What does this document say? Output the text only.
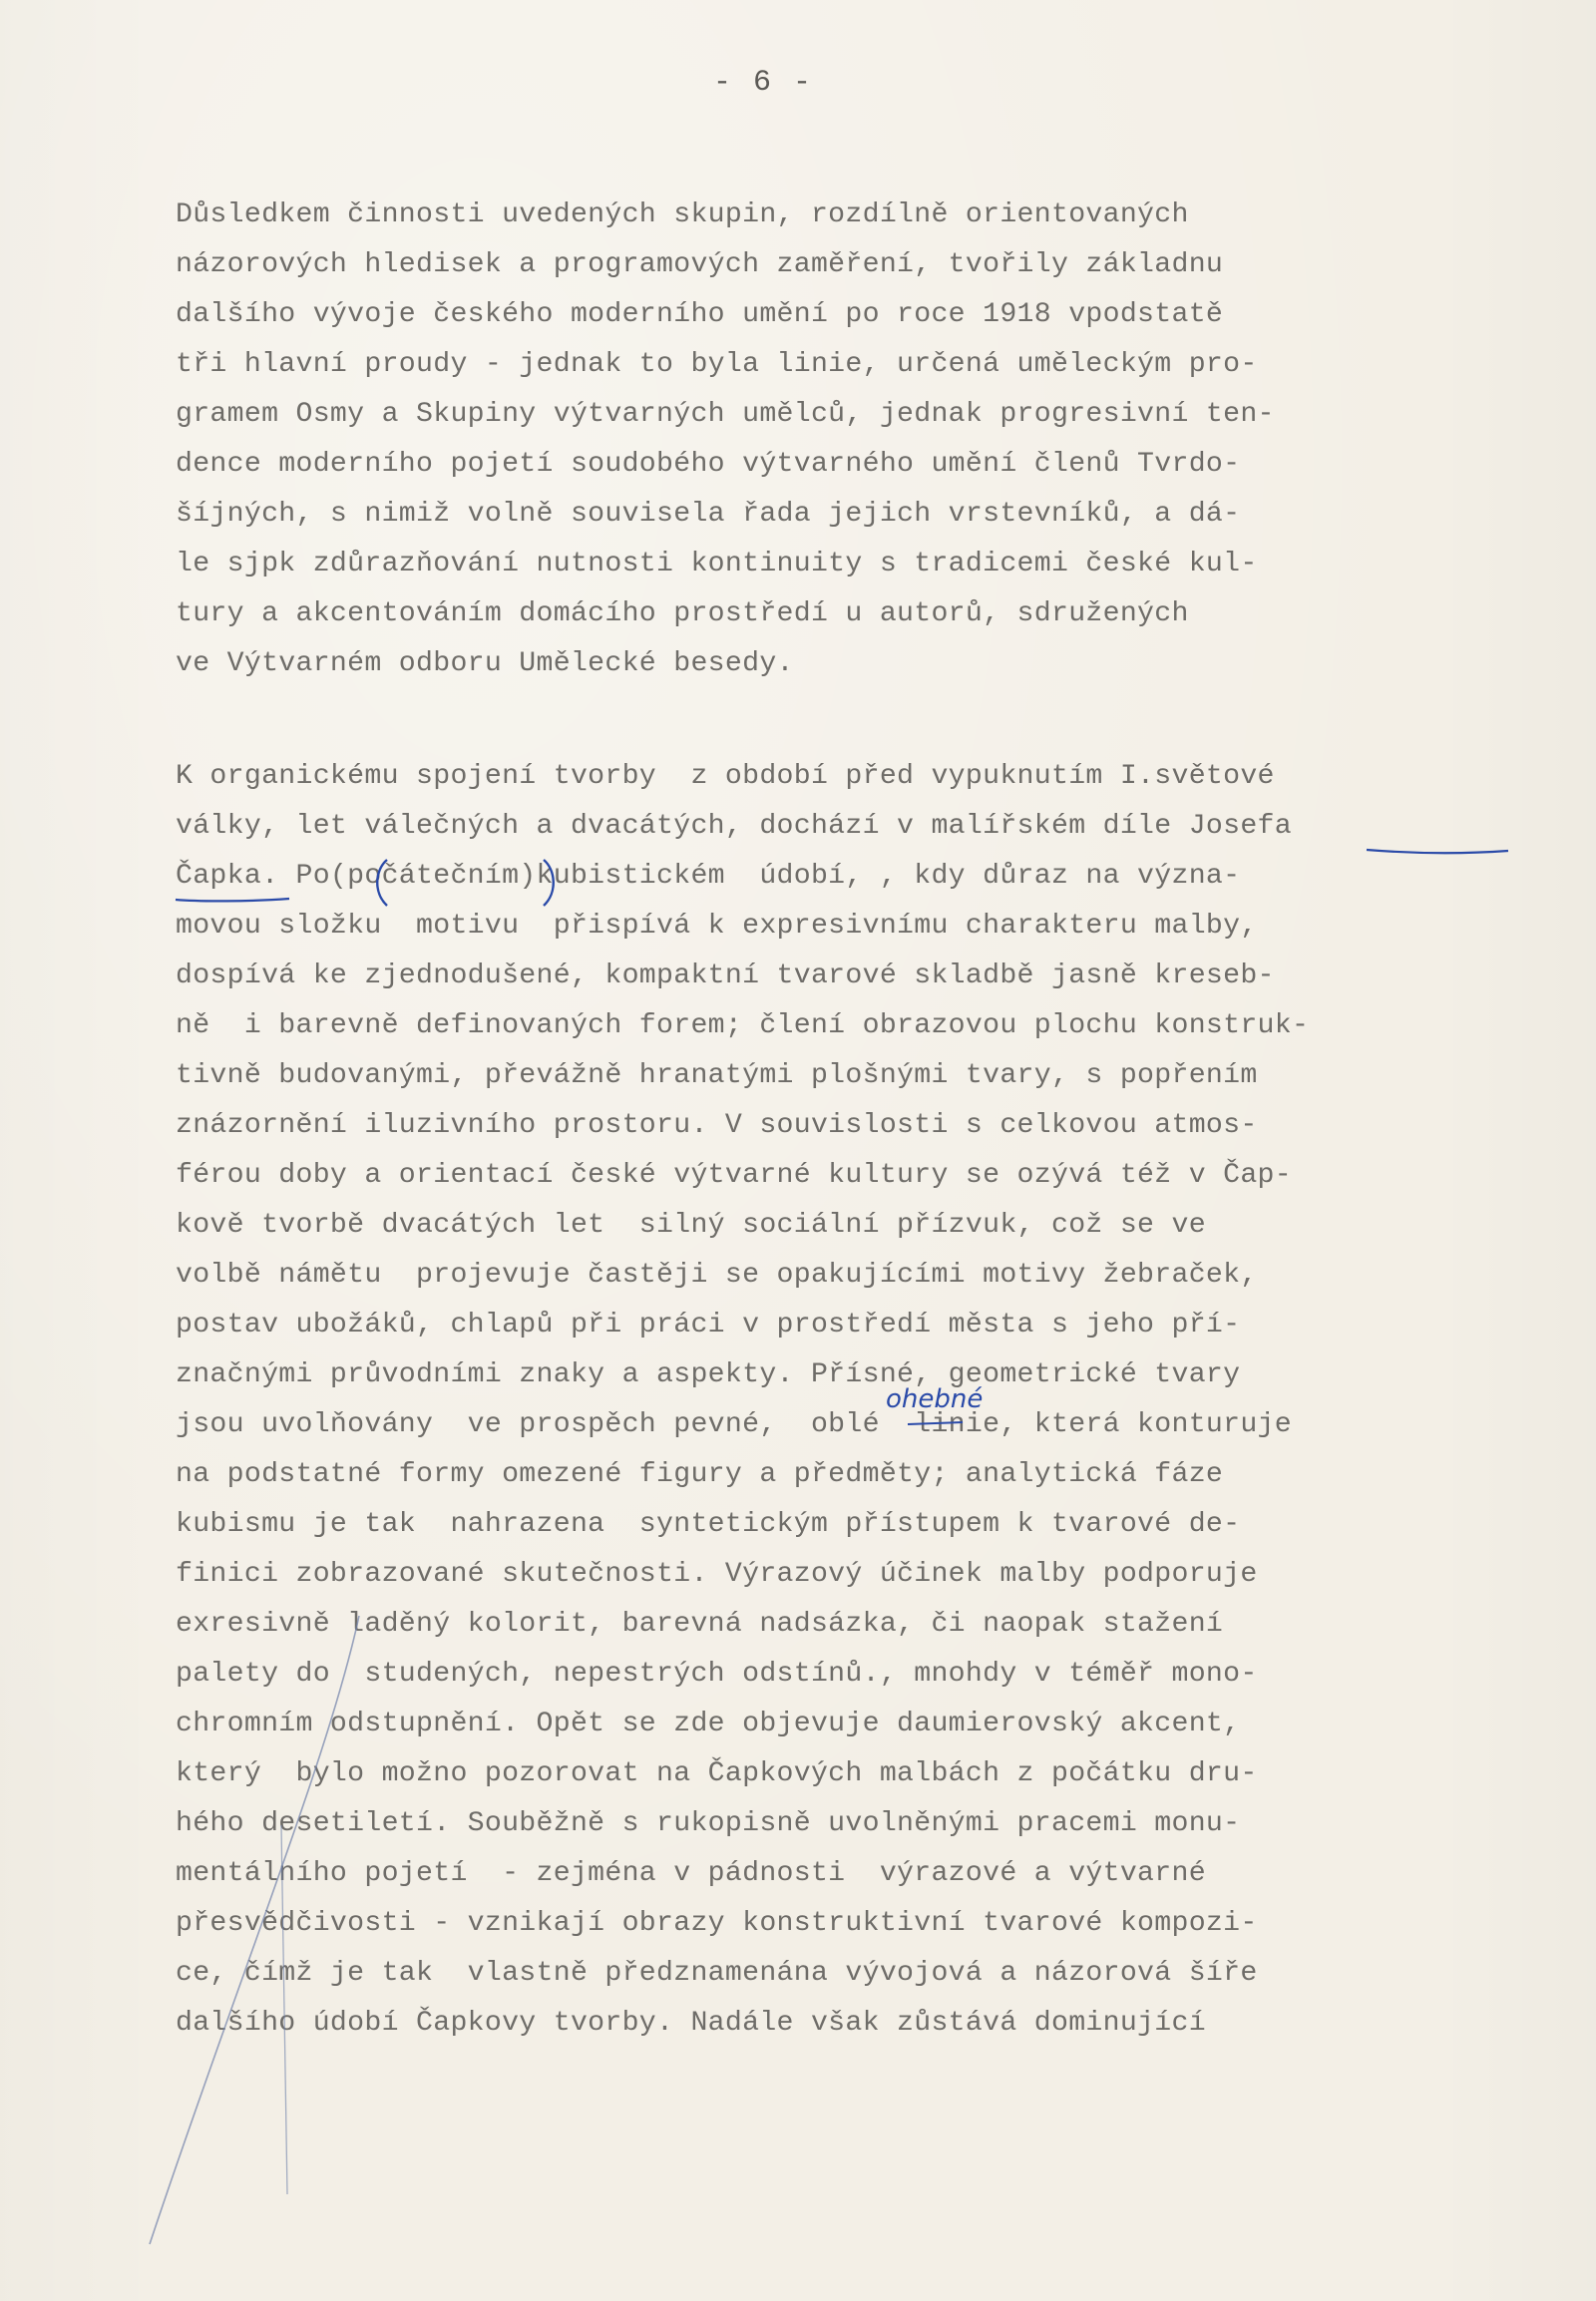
- 6 -
Důsledkem činnosti uvedených skupin, rozdílně orientovaných
názorových hledisek a programových zaměření, tvořily základnu
dalšího vývoje českého moderního umění po roce 1918 vpodstatě
tři hlavní proudy - jednak to byla linie, určená uměleckým pro-
gramem Osmy a Skupiny výtvarných umělců, jednak progresivní ten-
dence moderního pojetí soudobého výtvarného umění členů Tvrdo-
šíjných, s nimiž volně souvisela řada jejich vrstevníků, a dá-
le sjpk zdůrazňování nutnosti kontinuity s tradicemi české kul-
tury a akcentováním domácího prostředí u autorů, sdružených
ve Výtvarném odboru Umělecké besedy.
K organickému spojení tvorby  z období před vypuknutím I.světové
války, let válečných a dvacátých, dochází v malířském díle Josefa
Čapka. Po(počátečním)kubistickém  údobí, , kdy důraz na význa-
movou složku  motivu  přispívá k expresivnímu charakteru malby,
dospívá ke zjednodušené, kompaktní tvarové skladbě jasně kreseb-
ně  i barevně definovaných forem; člení obrazovou plochu konstruk-
tivně budovanými, převážně hranatými plošnými tvary, s popřením
znázornění iluzivního prostoru. V souvislosti s celkovou atmos-
férou doby a orientací české výtvarné kultury se ozývá též v Čap-
kově tvorbě dvacátých let  silný sociální přízvuk, což se ve
volbě námětu  projevuje častěji se opakujícími motivy žebraček,
postav ubožáků, chlapů při práci v prostředí města s jeho pří-
značnými průvodními znaky a aspekty. Přísné, geometrické tvary
jsou uvolňovány  ve prospěch pevné,  oblé  linie, která konturuje
na podstatné formy omezené figury a předměty; analytická fáze
kubismu je tak  nahrazena  syntetickým přístupem k tvarové de-
finici zobrazované skutečnosti. Výrazový účinek malby podporuje
exresivně laděný kolorit, barevná nadsázka, či naopak stažení
palety do  studených, nepestrých odstínů., mnohdy v téměř mono-
chromním odstupnění. Opět se zde objevuje daumierovský akcent,
který  bylo možno pozorovat na Čapkových malbách z počátku dru-
hého desetiletí. Souběžně s rukopisně uvolněnými pracemi monu-
mentálního pojetí  - zejména v pádnosti  výrazové a výtvarné
přesvědčivosti - vznikají obrazy konstruktivní tvarové kompozi-
ce, čímž je tak  vlastně předznamenána vývojová a názorová šíře
dalšího údobí Čapkovy tvorby. Nadále však zůstává dominující
ohebné
